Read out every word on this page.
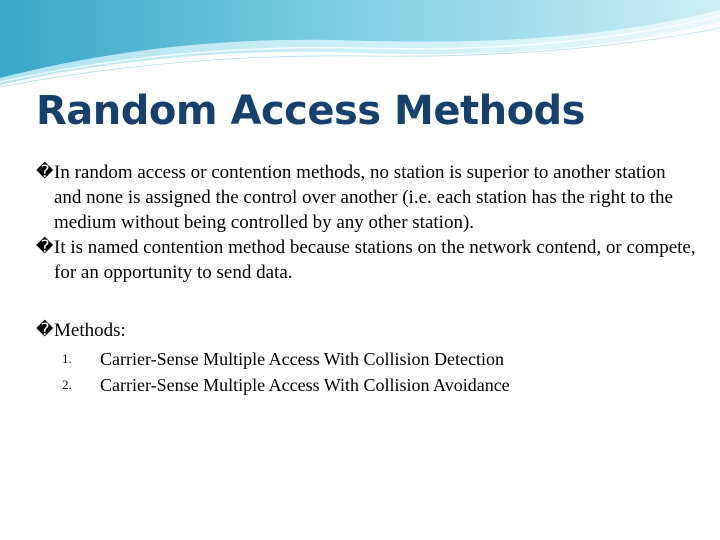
Random Access Methods
� In random access or contention methods, no station is superior to another station and none is assigned the control over another (i.e. each station has the right to the medium without being controlled by any other station).
� It is named contention method because stations on the network contend, or compete, for an opportunity to send data.
� Methods:
1.	Carrier-Sense Multiple Access With Collision Detection
2.	Carrier-Sense Multiple Access With Collision Avoidance
